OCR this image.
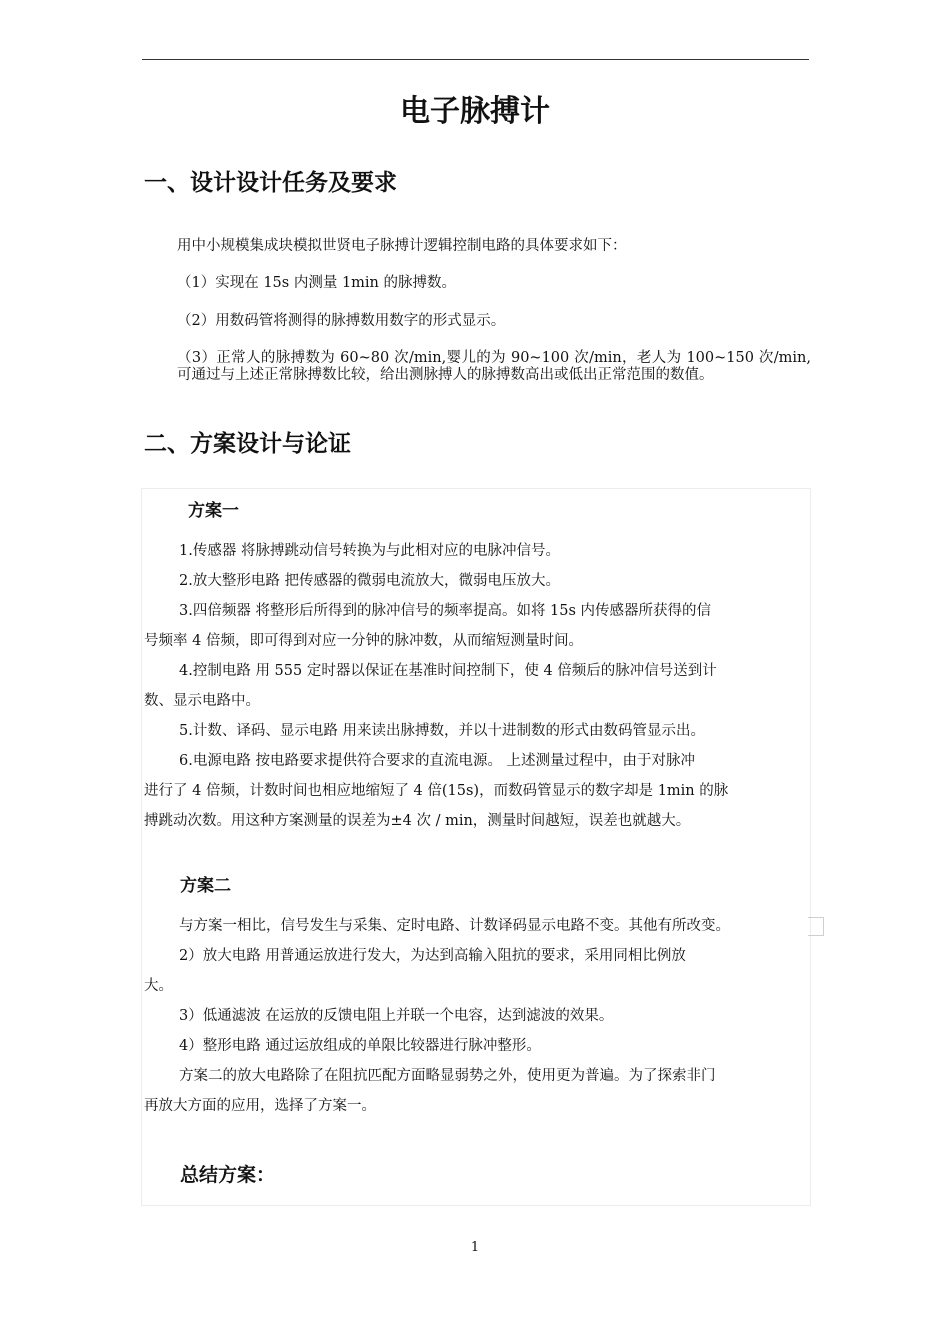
电子脉搏计
一、设计设计任务及要求
用中小规模集成块模拟世贤电子脉搏计逻辑控制电路的具体要求如下：
（1）实现在 15s 内测量 1min 的脉搏数。
（2）用数码管将测得的脉搏数用数字的形式显示。
（3）正常人的脉搏数为 60~80 次/min,婴儿的为 90~100 次/min，老人为 100~150 次/min,可通过与上述正常脉搏数比较，给出测脉搏人的脉搏数高出或低出正常范围的数值。
二、方案设计与论证
方案一
1.传感器 将脉搏跳动信号转换为与此相对应的电脉冲信号。
2.放大整形电路 把传感器的微弱电流放大，微弱电压放大。
3.四倍频器 将整形后所得到的脉冲信号的频率提高。如将 15s 内传感器所获得的信
号频率 4 倍频，即可得到对应一分钟的脉冲数，从而缩短测量时间。
4.控制电路 用 555 定时器以保证在基准时间控制下，使 4 倍频后的脉冲信号送到计
数、显示电路中。
5.计数、译码、显示电路 用来读出脉搏数，并以十进制数的形式由数码管显示出。
6.电源电路 按电路要求提供符合要求的直流电源。 上述测量过程中，由于对脉冲
进行了 4 倍频，计数时间也相应地缩短了 4 倍(15s)，而数码管显示的数字却是 1min 的脉
搏跳动次数。用这种方案测量的误差为±4 次 / min，测量时间越短，误差也就越大。
方案二
与方案一相比，信号发生与采集、定时电路、计数译码显示电路不变。其他有所改变。
2）放大电路 用普通运放进行发大，为达到高输入阻抗的要求，采用同相比例放
大。
3）低通滤波 在运放的反馈电阻上并联一个电容，达到滤波的效果。
4）整形电路 通过运放组成的单限比较器进行脉冲整形。
方案二的放大电路除了在阻抗匹配方面略显弱势之外，使用更为普遍。为了探索非门
再放大方面的应用，选择了方案一。
总结方案：
1
